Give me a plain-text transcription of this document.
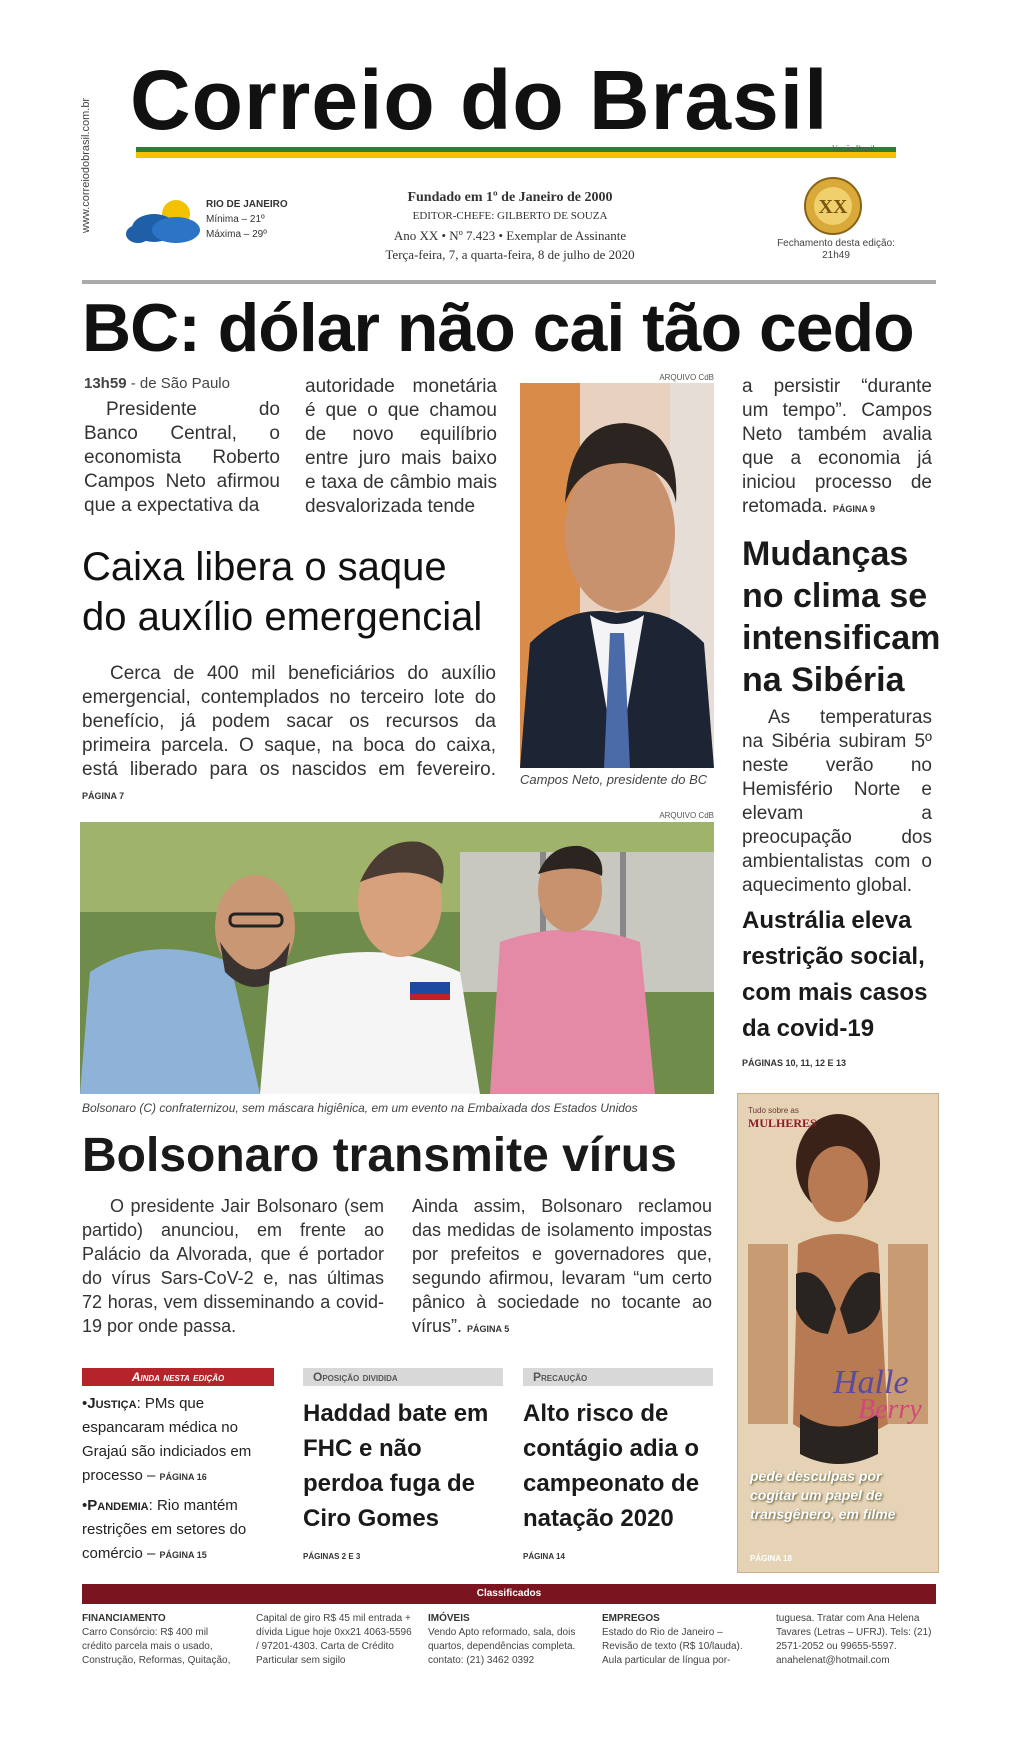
www.correiodobrasil.com.br Correio do Brasil
Versão Brasil
RIO DE JANEIRO
Mínima – 21º
Máxima – 29º
Fundado em 1º de Janeiro de 2000
EDITOR-CHEFE: GILBERTO DE SOUZA
Ano XX • Nº 7.423 • Exemplar de Assinante
Terça-feira, 7, a quarta-feira, 8 de julho de 2020
XX
Fechamento desta edição: 21h49
BC: dólar não cai tão cedo
13h59 - de São Paulo

Presidente do Banco Central, o economista Roberto Campos Neto afirmou que a expectativa da

autoridade monetária é que o que chamou de novo equilíbrio entre juro mais baixo e taxa de câmbio mais desvalorizada tende

ARQUIVO CdB
Campos Neto, presidente do BC

a persistir “durante um tempo”. Campos Neto também avalia que a economia já iniciou processo de retomada. PÁGINA 9

Caixa libera o saque do auxílio emergencial

Cerca de 400 mil beneficiários do auxílio emergencial, contemplados no terceiro lote do benefício, já podem sacar os recursos da primeira parcela. O saque, na boca do caixa, está liberado para os nascidos em fevereiro. PÁGINA 7

Mudanças no clima se intensificam na Sibéria

As temperaturas na Sibéria subiram 5º neste verão no Hemisfério Norte e elevam a preocupação dos ambientalistas com o aquecimento global.

Austrália eleva restrição social, com mais casos da covid-19
PÁGINAS 10, 11, 12 E 13
ARQUIVO CdB
Bolsonaro (C) confraternizou, sem máscara higiênica, em um evento na Embaixada dos Estados Unidos
Bolsonaro transmite vírus

O presidente Jair Bolsonaro (sem partido) anunciou, em frente ao Palácio da Alvorada, que é portador do vírus Sars-CoV-2 e, nas últimas 72 horas, vem disseminando a covid-19 por onde passa.

Ainda assim, Bolsonaro reclamou das medidas de isolamento impostas por prefeitos e governadores que, segundo afirmou, levaram “um certo pânico à sociedade no tocante ao vírus”. PÁGINA 5

Ainda nesta edição
•Justiça: PMs que espancaram médica no Grajaú são indiciados em processo – PÁGINA 16
•Pandemia: Rio mantém restrições em setores do comércio – PÁGINA 15
Oposição dividida
Haddad bate em FHC e não perdoa fuga de Ciro Gomes
PÁGINAS 2 E 3
Precaução
Alto risco de contágio adia o campeonato de natação 2020
PÁGINA 14
Tudo sobre as
MULHERES
Halle
Berry
pede desculpas por cogitar um papel de transgênero, em filme
PÁGINA 18
Classificados
FINANCIAMENTO
Carro Consórcio: R$ 400 mil crédito parcela mais o usado, Construção, Reformas, Quitação,
Capital de giro R$ 45 mil entrada + dívida Ligue hoje 0xx21 4063-5596 / 97201-4303. Carta de Crédito Particular sem sigilo
IMÓVEIS
Vendo Apto reformado, sala, dois quartos, dependências completa. contato: (21) 3462 0392
EMPREGOS
Estado do Rio de Janeiro – Revisão de texto (R$ 10/lauda). Aula particular de língua por-
tuguesa. Tratar com Ana Helena Tavares (Letras – UFRJ). Tels: (21) 2571-2052 ou 99655-5597. anahelenat@hotmail.com
